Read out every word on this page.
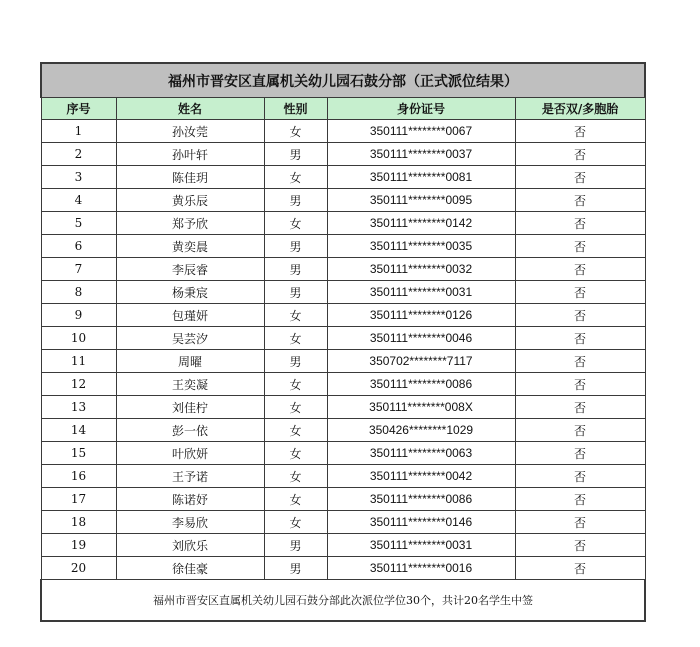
福州市晋安区直属机关幼儿园石鼓分部（正式派位结果）				
序号	姓名	性别	身份证号	是否双/多胞胎
1	孙汝莞	女	350111********0067	否
2	孙叶轩	男	350111********0037	否
3	陈佳玥	女	350111********0081	否
4	黄乐辰	男	350111********0095	否
5	郑予欣	女	350111********0142	否
6	黄奕晨	男	350111********0035	否
7	李辰睿	男	350111********0032	否
8	杨秉宸	男	350111********0031	否
9	包瑾妍	女	350111********0126	否
10	吴芸汐	女	350111********0046	否
11	周曜	男	350702********7117	否
12	王奕凝	女	350111********0086	否
13	刘佳柠	女	350111********008X	否
14	彭一依	女	350426********1029	否
15	叶欣妍	女	350111********0063	否
16	王予诺	女	350111********0042	否
17	陈诺妤	女	350111********0086	否
18	李易欣	女	350111********0146	否
19	刘欣乐	男	350111********0031	否
20	徐佳豪	男	350111********0016	否
福州市晋安区直属机关幼儿园石鼓分部此次派位学位30个，共计20名学生中签				
